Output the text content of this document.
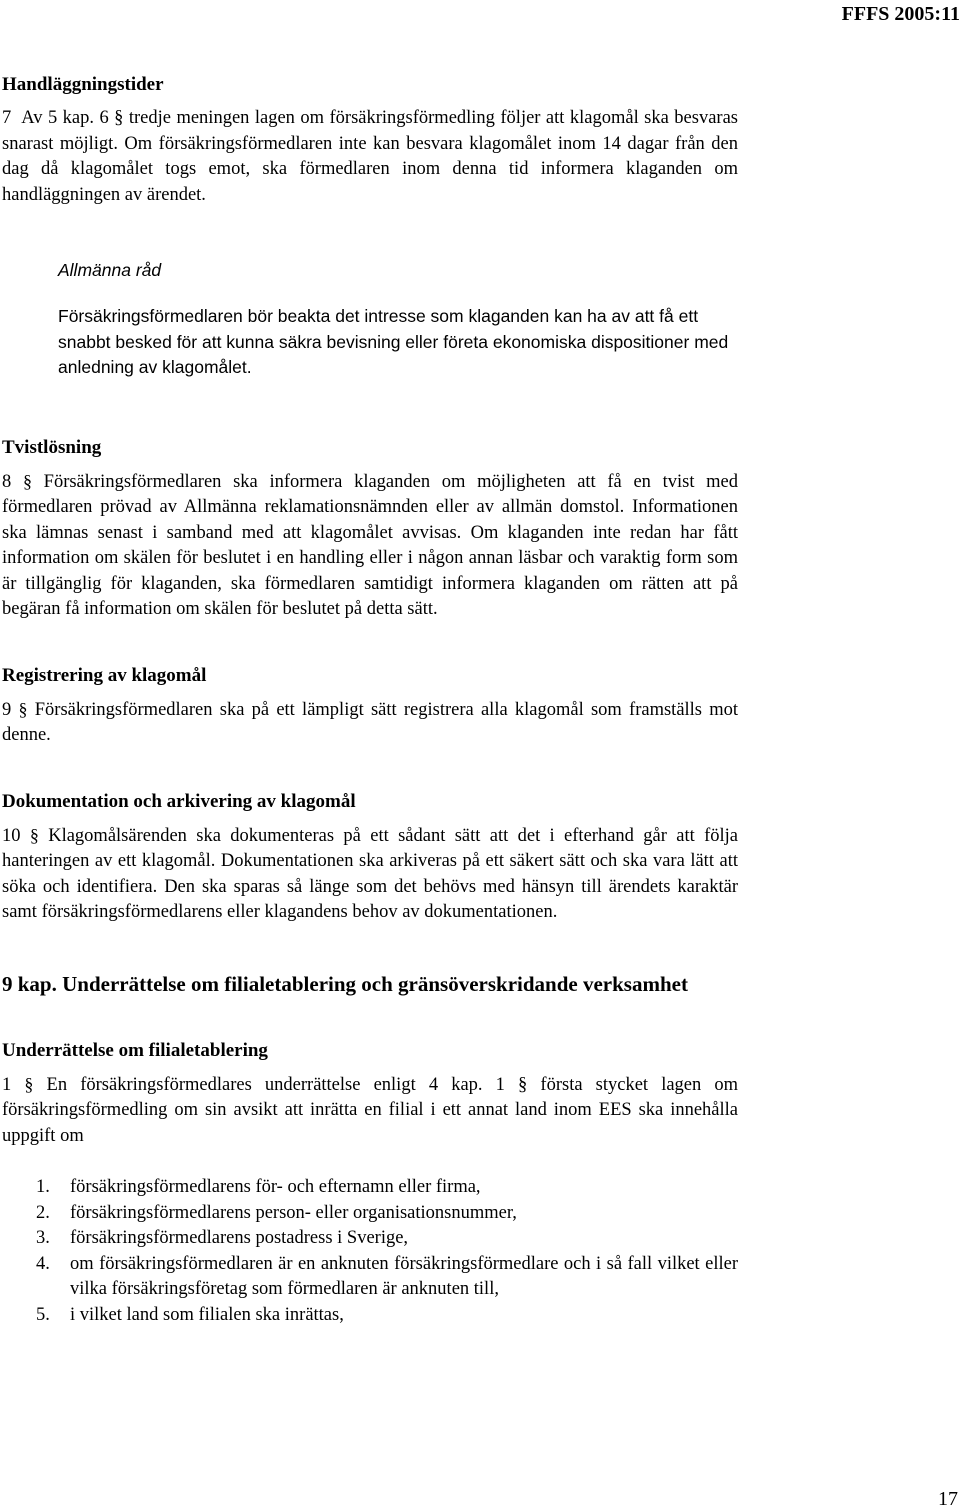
FFFS 2005:11
Handläggningstider

7 Av 5 kap. 6 § tredje meningen lagen om försäkringsförmedling följer att klagomål ska besvaras snarast möjligt. Om försäkringsförmedlaren inte kan besvara klagomålet inom 14 dagar från den dag då klagomålet togs emot, ska förmedlaren inom denna tid informera klaganden om handläggningen av ärendet.

Allmänna råd
Försäkringsförmedlaren bör beakta det intresse som klaganden kan ha av att få ett snabbt besked för att kunna säkra bevisning eller företa ekonomiska dispositioner med anledning av klagomålet.
Tvistlösning

8 § Försäkringsförmedlaren ska informera klaganden om möjligheten att få en tvist med förmedlaren prövad av Allmänna reklamationsnämnden eller av allmän domstol. Informationen ska lämnas senast i samband med att klagomålet avvisas. Om klaganden inte redan har fått information om skälen för beslutet i en handling eller i någon annan läsbar och varaktig form som är tillgänglig för klaganden, ska förmedlaren samtidigt informera klaganden om rätten att på begäran få information om skälen för beslutet på detta sätt.

Registrering av klagomål

9 § Försäkringsförmedlaren ska på ett lämpligt sätt registrera alla klagomål som framställs mot denne.

Dokumentation och arkivering av klagomål

10 § Klagomålsärenden ska dokumenteras på ett sådant sätt att det i efterhand går att följa hanteringen av ett klagomål. Dokumentationen ska arkiveras på ett säkert sätt och ska vara lätt att söka och identifiera. Den ska sparas så länge som det behövs med hänsyn till ärendets karaktär samt försäkringsförmedlarens eller klagandens behov av dokumentationen.

9 kap. Underrättelse om filialetablering och gränsöverskridande verksamhet
Underrättelse om filialetablering

1 § En försäkringsförmedlares underrättelse enligt 4 kap. 1 § första stycket lagen om försäkringsförmedling om sin avsikt att inrätta en filial i ett annat land inom EES ska innehålla uppgift om

1.	försäkringsförmedlarens för- och efternamn eller firma,
2.	försäkringsförmedlarens person- eller organisationsnummer,
3.	försäkringsförmedlarens postadress i Sverige,
4.	om försäkringsförmedlaren är en anknuten försäkringsförmedlare och i så fall vilket eller vilka försäkringsföretag som förmedlaren är anknuten till,
5.	i vilket land som filialen ska inrättas,
17
